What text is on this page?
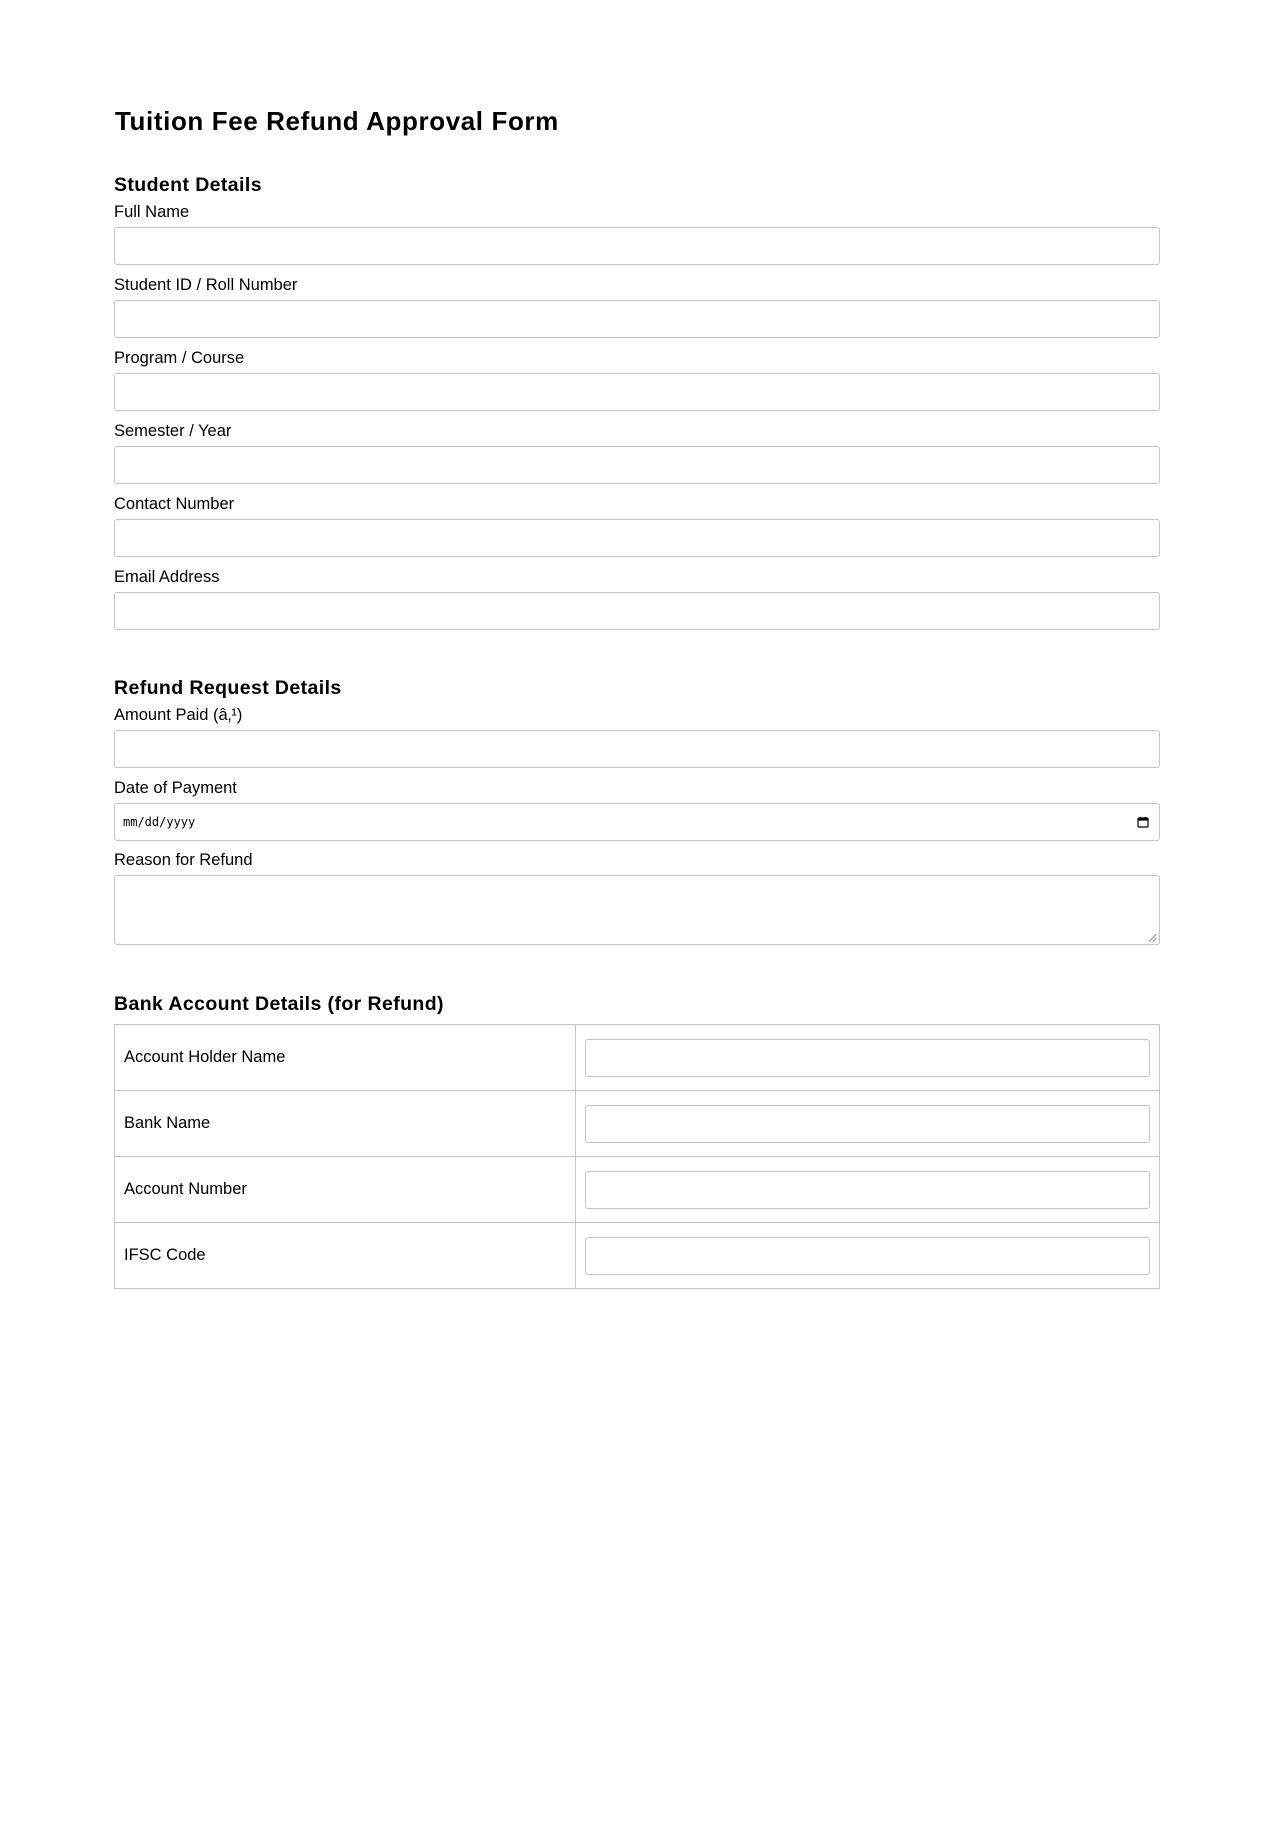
Tuition Fee Refund Approval Form
Student Details
Full Name
Student ID / Roll Number
Program / Course
Semester / Year
Contact Number
Email Address
Refund Request Details
Amount Paid (â‚¹)
Date of Payment
mm/dd/yyyy
Reason for Refund
Bank Account Details (for Refund)
Account Holder Name	

Bank Name	

Account Number	

IFSC Code	
